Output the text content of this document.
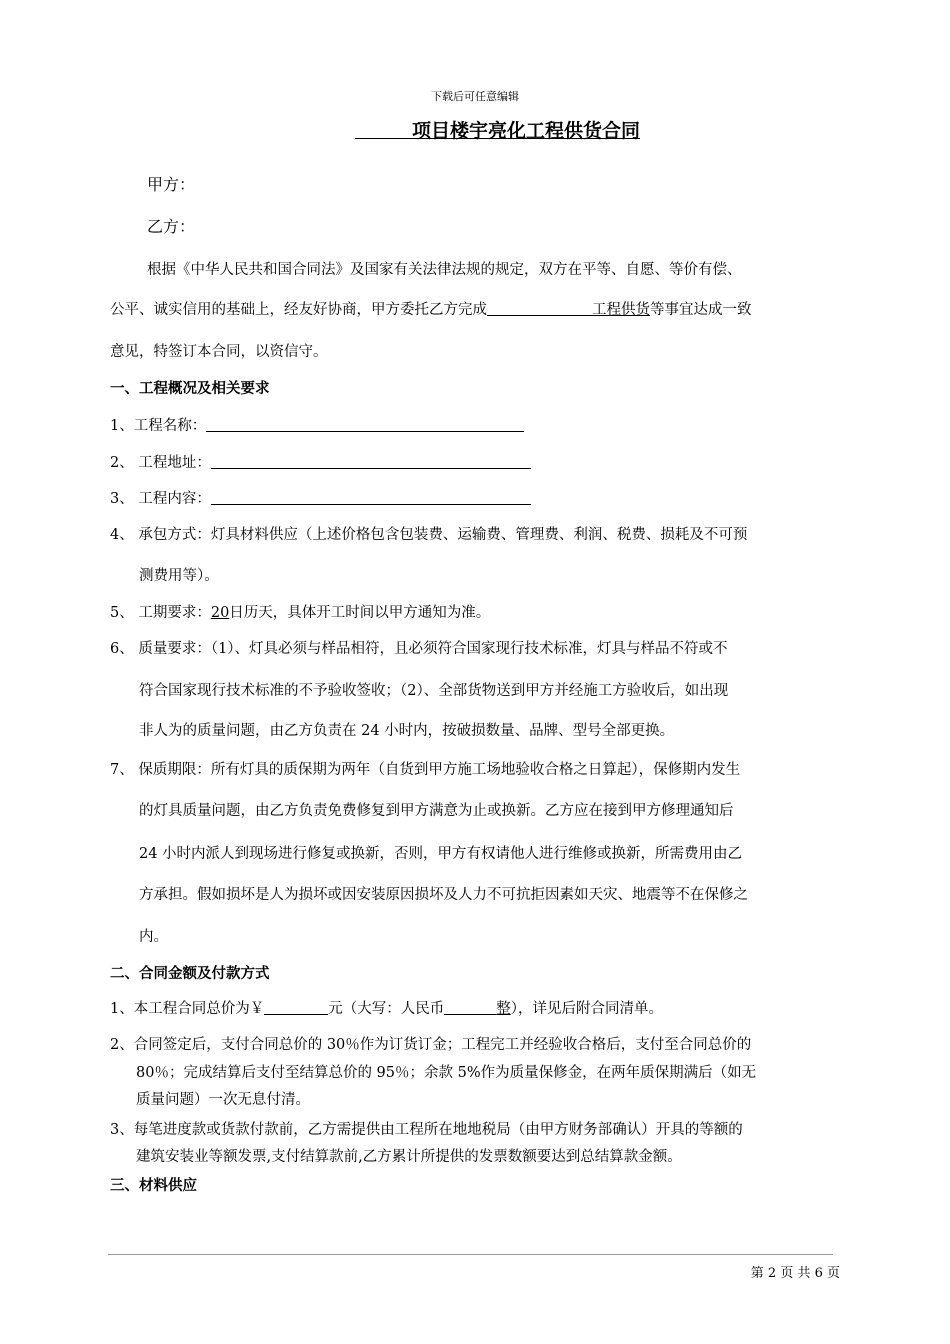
下载后可任意编辑
项目楼宇亮化工程供货合同
甲方：
乙方：
根据《中华人民共和国合同法》及国家有关法律法规的规定，双方在平等、自愿、等价有偿、
公平、诚实信用的基础上，经友好协商，甲方委托乙方完成	工程供货等事宜达成一致
意见，特签订本合同，以资信守。
一、工程概况及相关要求
1、工程名称：
2、 工程地址：
3、 工程内容：
4、 承包方式：灯具材料供应（上述价格包含包装费、运输费、管理费、利润、税费、损耗及不可预
测费用等）。
5、 工期要求：20日历天，具体开工时间以甲方通知为准。
6、 质量要求：（1）、灯具必须与样品相符，且必须符合国家现行技术标准，灯具与样品不符或不
符合国家现行技术标准的不予验收签收；（2）、全部货物送到甲方并经施工方验收后，如出现
非人为的质量问题，由乙方负责在 24 小时内，按破损数量、品牌、型号全部更换。
7、 保质期限：所有灯具的质保期为两年（自货到甲方施工场地验收合格之日算起），保修期内发生
的灯具质量问题，由乙方负责免费修复到甲方满意为止或换新。乙方应在接到甲方修理通知后
24 小时内派人到现场进行修复或换新，否则，甲方有权请他人进行维修或换新，所需费用由乙
方承担。假如损坏是人为损坏或因安装原因损坏及人力不可抗拒因素如天灾、地震等不在保修之
内。
二、合同金额及付款方式
1、本工程合同总价为￥	元（大写：人民币	整），详见后附合同清单。
2、合同签定后，支付合同总价的 30％作为订货订金；工程完工并经验收合格后，支付至合同总价的
80％；完成结算后支付至结算总价的 95％；余款 5%作为质量保修金，在两年质保期满后（如无
质量问题）一次无息付清。
3、每笔进度款或货款付款前，乙方需提供由工程所在地地税局（由甲方财务部确认）开具的等额的
建筑安装业等额发票,支付结算款前,乙方累计所提供的发票数额要达到总结算款金额。
三、材料供应
第 2 页 共 6 页
